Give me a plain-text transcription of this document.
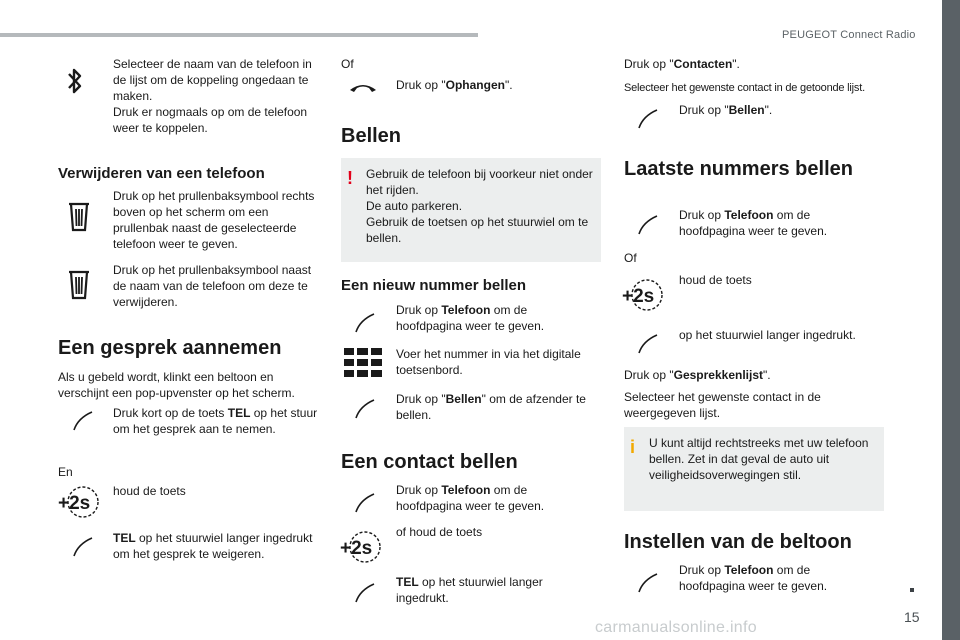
PEUGEOT Connect Radio
15
carmanualsonline.info
Selecteer de naam van de telefoon in de lijst om de koppeling ongedaan te maken.
Druk er nogmaals op om de telefoon weer te koppelen.
Verwijderen van een telefoon
Druk op het prullenbaksymbool rechts boven op het scherm om een prullenbak naast de geselecteerde telefoon weer te geven.
Druk op het prullenbaksymbool naast de naam van de telefoon om deze te verwijderen.
Een gesprek aannemen
Als u gebeld wordt, klinkt een beltoon en verschijnt een pop-upvenster op het scherm.
Druk kort op de toets TEL op het stuur om het gesprek aan te nemen.
En
+2s
houd de toets
TEL op het stuurwiel langer ingedrukt om het gesprek te weigeren.
Of
Druk op "Ophangen".
Bellen
! Gebruik de telefoon bij voorkeur niet onder het rijden.
De auto parkeren.
Gebruik de toetsen op het stuurwiel om te bellen.
Een nieuw nummer bellen
Druk op Telefoon om de hoofdpagina weer te geven.
Voer het nummer in via het digitale toetsenbord.
Druk op "Bellen" om de afzender te bellen.
Een contact bellen
Druk op Telefoon om de hoofdpagina weer te geven.
+2s
of houd de toets
TEL op het stuurwiel langer ingedrukt.
Druk op "Contacten".
Selecteer het gewenste contact in de getoonde lijst.
Druk op "Bellen".
Laatste nummers bellen
Druk op Telefoon om de hoofdpagina weer te geven.
Of
+2s
houd de toets
op het stuurwiel langer ingedrukt.
Druk op "Gesprekkenlijst".
Selecteer het gewenste contact in de weergegeven lijst.
i U kunt altijd rechtstreeks met uw telefoon bellen. Zet in dat geval de auto uit veiligheidsoverwegingen stil.
Instellen van de beltoon
Druk op Telefoon om de hoofdpagina weer te geven.
